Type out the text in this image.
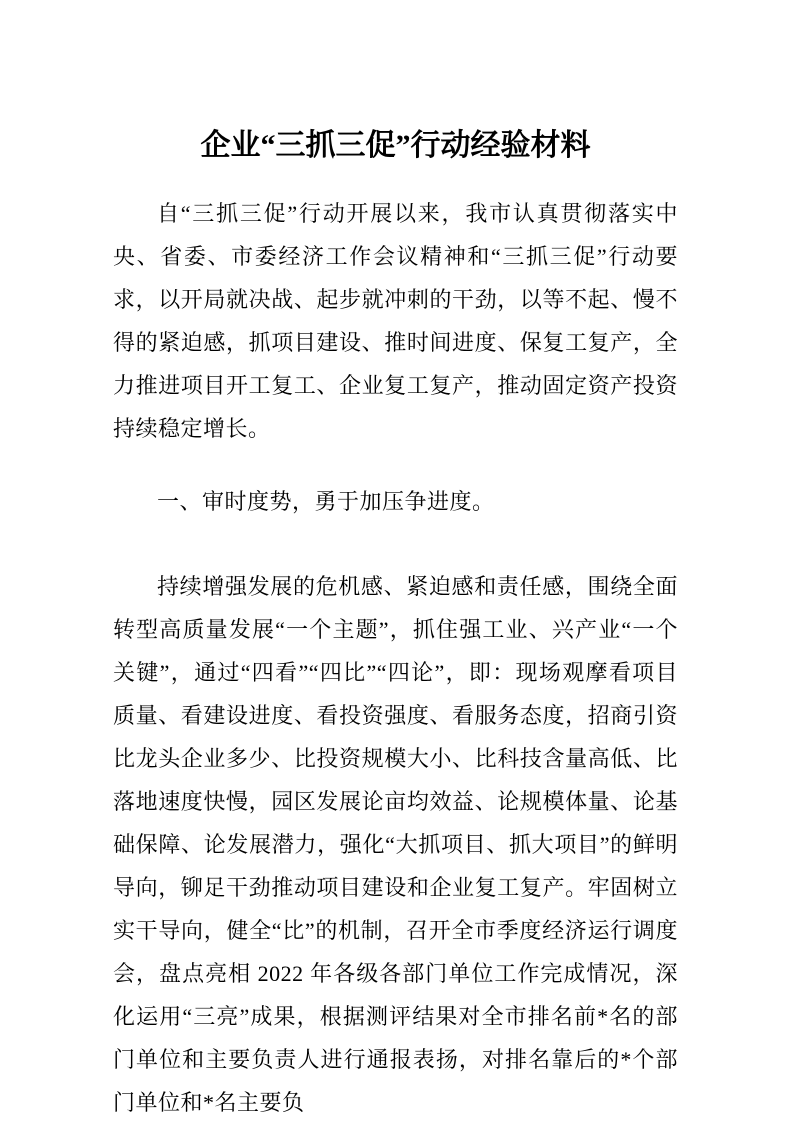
企业“三抓三促”行动经验材料

自“三抓三促”行动开展以来，我市认真贯彻落实中央、省委、市委经济工作会议精神和“三抓三促”行动要求，以开局就决战、起步就冲刺的干劲，以等不起、慢不得的紧迫感，抓项目建设、推时间进度、保复工复产，全力推进项目开工复工、企业复工复产，推动固定资产投资持续稳定增长。

一、审时度势，勇于加压争进度。

持续增强发展的危机感、紧迫感和责任感，围绕全面转型高质量发展“一个主题”，抓住强工业、兴产业“一个关键”，通过“四看”“四比”“四论”，即：现场观摩看项目质量、看建设进度、看投资强度、看服务态度，招商引资比龙头企业多少、比投资规模大小、比科技含量高低、比落地速度快慢，园区发展论亩均效益、论规模体量、论基础保障、论发展潜力，强化“大抓项目、抓大项目”的鲜明导向，铆足干劲推动项目建设和企业复工复产。牢固树立实干导向，健全“比”的机制，召开全市季度经济运行调度会，盘点亮相 2022 年各级各部门单位工作完成情况，深化运用“三亮”成果，根据测评结果对全市排名前*名的部门单位和主要负责人进行通报表扬，对排名靠后的*个部门单位和*名主要负
